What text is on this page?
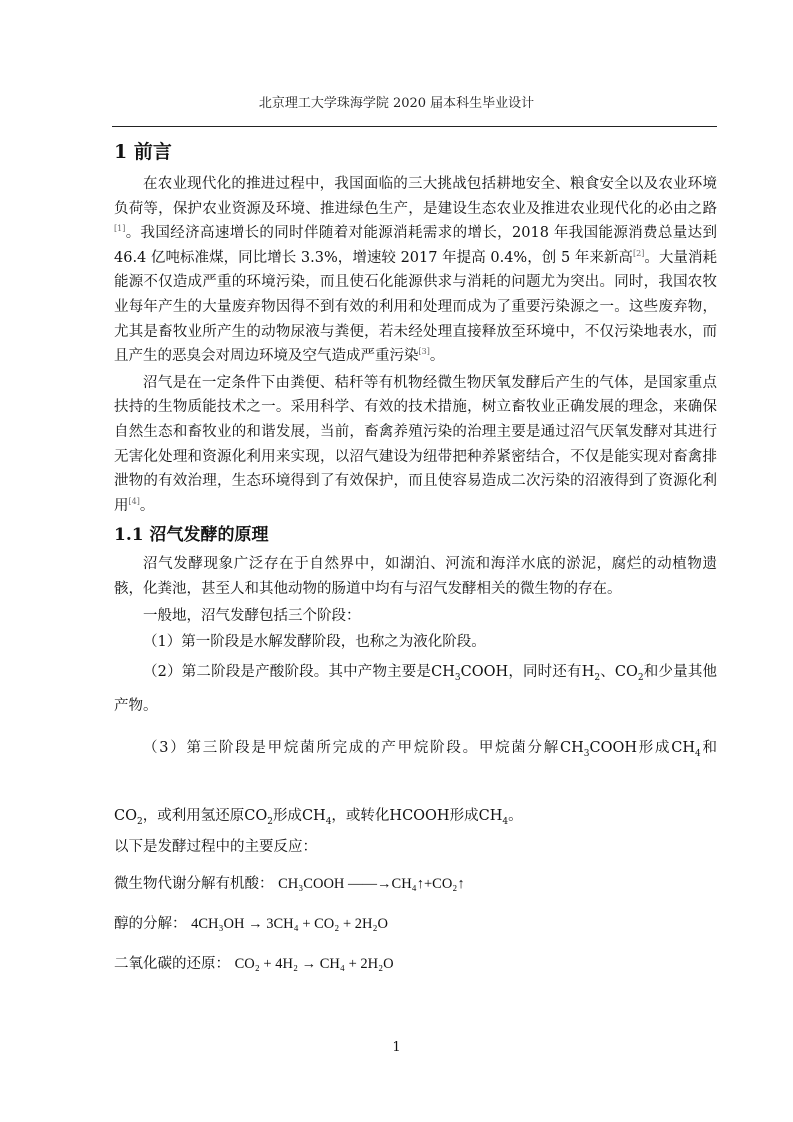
北京理工大学珠海学院 2020 届本科生毕业设计
1 前言

在农业现代化的推进过程中，我国面临的三大挑战包括耕地安全、粮食安全以及农业环境负荷等，保护农业资源及环境、推进绿色生产，是建设生态农业及推进农业现代化的必由之路[1]。我国经济高速增长的同时伴随着对能源消耗需求的增长，2018 年我国能源消费总量达到 46.4 亿吨标准煤，同比增长 3.3%，增速较 2017 年提高 0.4%，创 5 年来新高[2]。大量消耗能源不仅造成严重的环境污染，而且使石化能源供求与消耗的问题尤为突出。同时，我国农牧业每年产生的大量废弃物因得不到有效的利用和处理而成为了重要污染源之一。这些废弃物，尤其是畜牧业所产生的动物尿液与粪便，若未经处理直接释放至环境中，不仅污染地表水，而且产生的恶臭会对周边环境及空气造成严重污染[3]。

沼气是在一定条件下由粪便、秸秆等有机物经微生物厌氧发酵后产生的气体，是国家重点扶持的生物质能技术之一。采用科学、有效的技术措施，树立畜牧业正确发展的理念，来确保自然生态和畜牧业的和谐发展，当前，畜禽养殖污染的治理主要是通过沼气厌氧发酵对其进行无害化处理和资源化利用来实现，以沼气建设为纽带把种养紧密结合，不仅是能实现对畜禽排泄物的有效治理，生态环境得到了有效保护，而且使容易造成二次污染的沼液得到了资源化利用[4]。

1.1 沼气发酵的原理

沼气发酵现象广泛存在于自然界中，如湖泊、河流和海洋水底的淤泥，腐烂的动植物遗骸，化粪池，甚至人和其他动物的肠道中均有与沼气发酵相关的微生物的存在。

一般地，沼气发酵包括三个阶段：

（1）第一阶段是水解发酵阶段，也称之为液化阶段。

（2）第二阶段是产酸阶段。其中产物主要是$CH_3COOH$，同时还有$H_2$、$CO_2$和少量其他产物。

（3）第三阶段是甲烷菌所完成的产甲烷阶段。甲烷菌分解$CH_3COOH$形成$CH_4$和$CO_2$，或利用氢还原$CO_2$形成$CH_4$，或转化HCOOH形成$CH_4$。

以下是发酵过程中的主要反应：

微生物代谢分解有机酸： CH₃COOH ——→CH₄↑+CO₂↑
醇的分解： 4CH₃OH → 3CH₄ + CO₂ + 2H₂O
二氧化碳的还原： CO₂ + 4H₂ → CH₄ + 2H₂O
1
